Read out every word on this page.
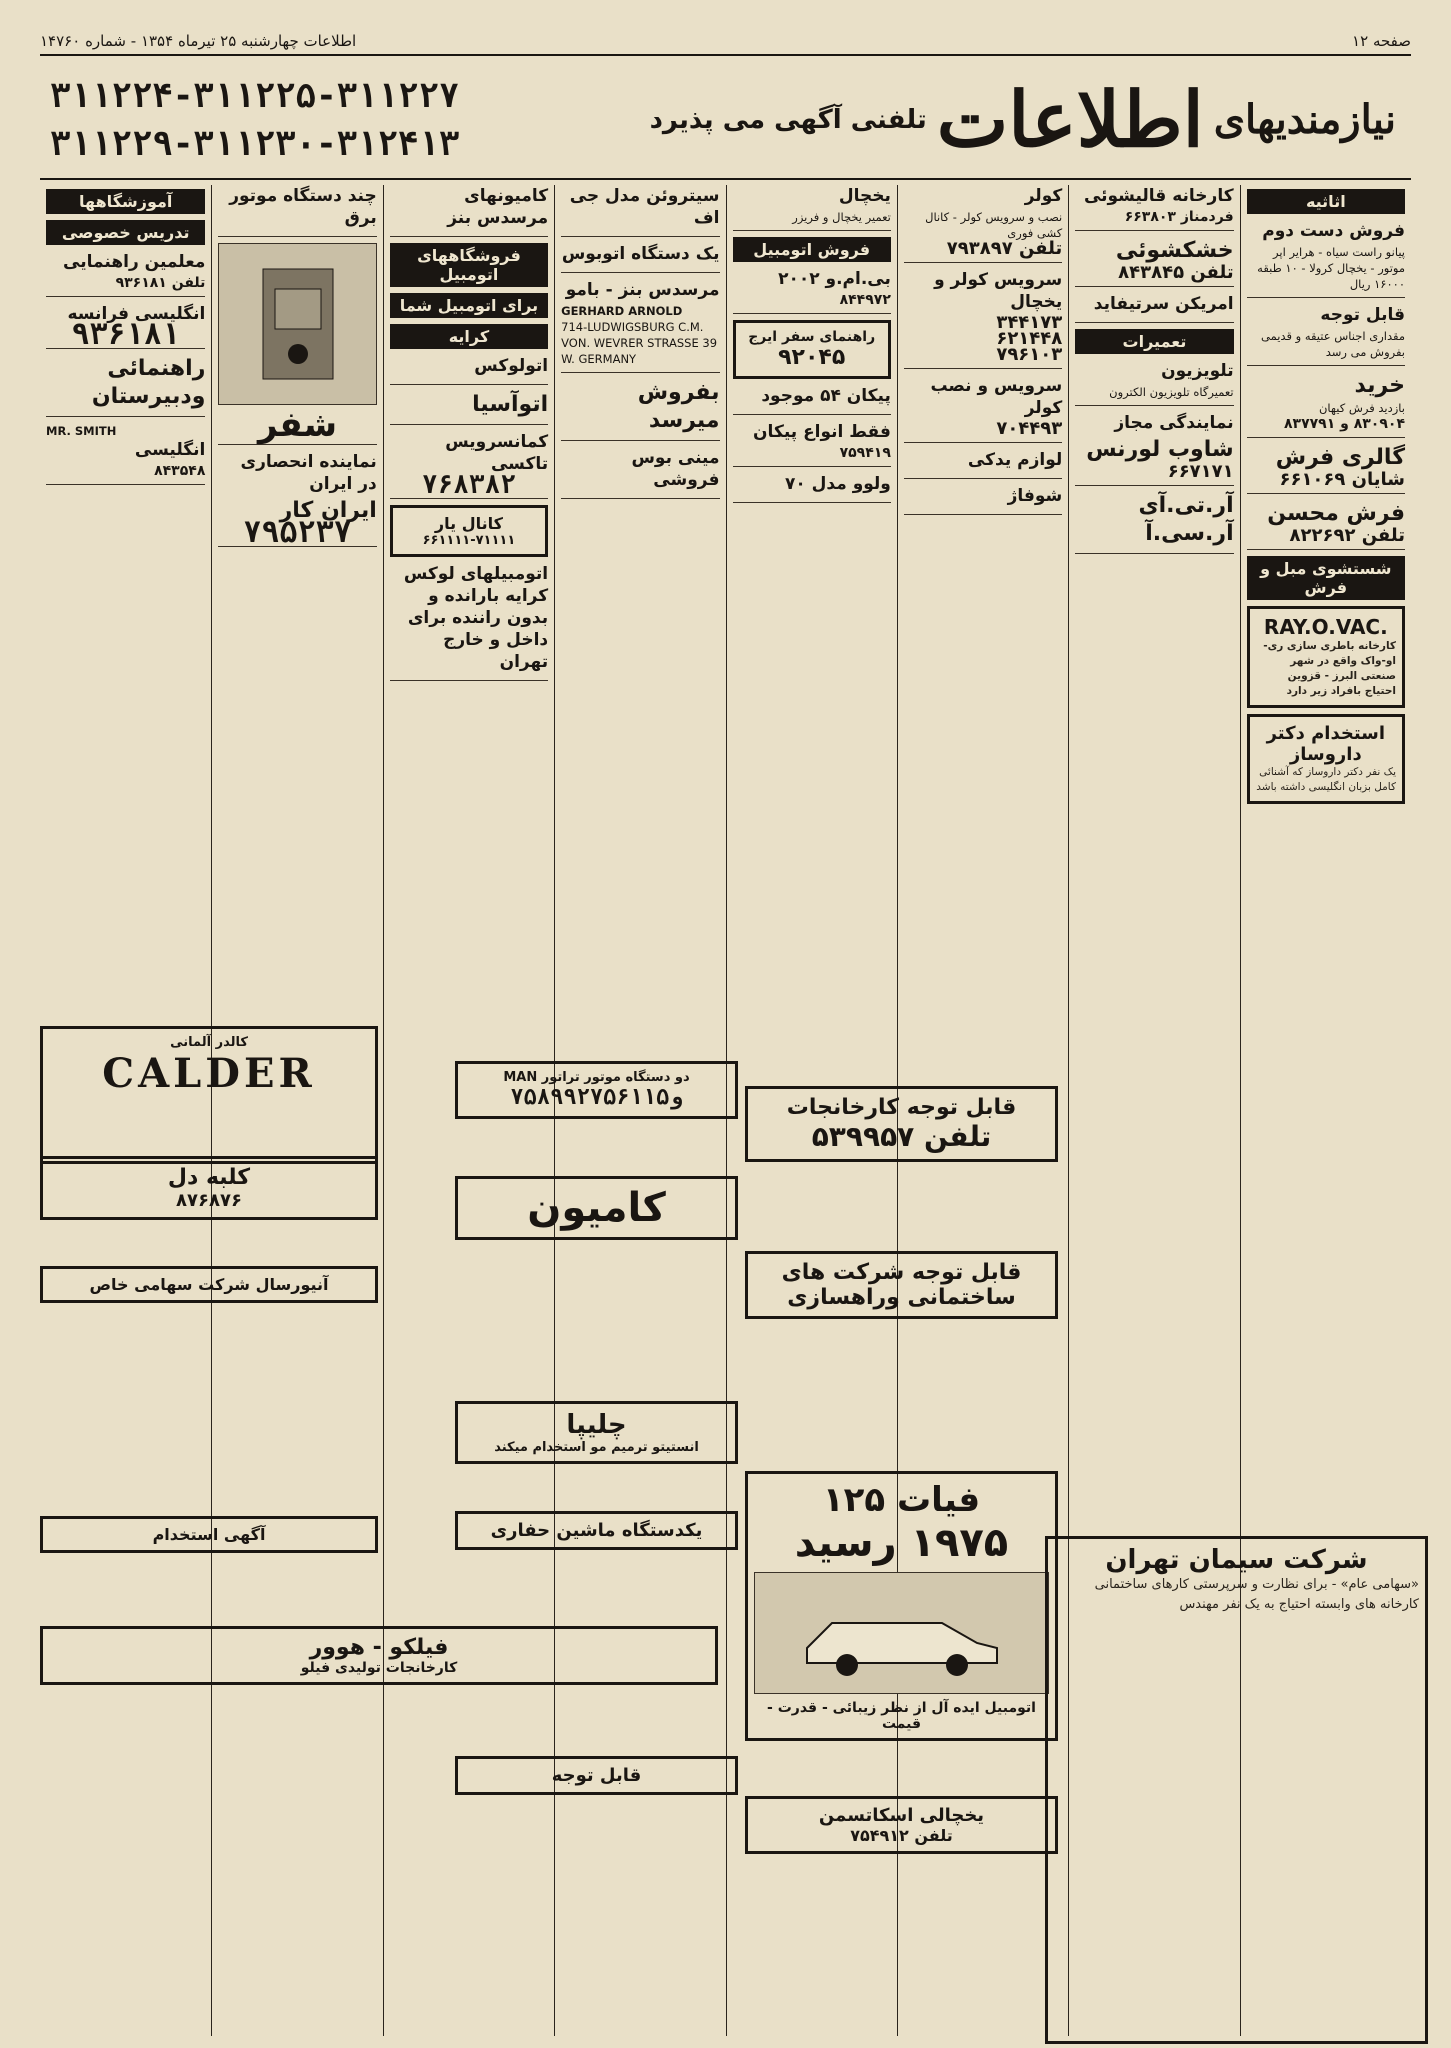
صفحه ۱۲
اطلاعات چهارشنبه ۲۵ تیرماه ۱۳۵۴ - شماره ۱۴۷۶۰
نیازمندیهای
اطلاعات
تلفنی آگهی می پذیرد
۳۱۱۲۲۴-۳۱۱۲۲۵-۳۱۱۲۲۷
۳۱۱۲۲۹-۳۱۱۲۳۰-۳۱۲۴۱۳
اثاثیه
فروش دست دوم
پیانو راست سیاه - هرایر اپر موتور - یخچال کرولا - ۱۰ طبقه ۱۶۰۰۰ ریال
قابل توجه
مقداری اجناس عتیقه و قدیمی بفروش می رسد
خرید
بازدید فرش کیهان
۸۳۰۹۰۴ و ۸۳۷۷۹۱
گالری فرش
شایان ۶۶۱۰۶۹
فرش محسن
تلفن ۸۲۲۶۹۲
شستشوی مبل و فرش
RAY.O.VAC.
کارخانه باطری سازی ری-او-واک واقع در شهر صنعتی البرز - قزوین احتیاج بافراد زیر دارد
استخدام دکتر داروساز
یک نفر دکتر داروساز که آشنائی کامل بزبان انگلیسی داشته باشد
کارخانه قالیشوئی
فردمناز ۶۶۳۸۰۳
خشکشوئی
تلفن ۸۴۳۸۴۵
امریکن سرتیفاید
تعمیرات
تلویزیون
تعمیرگاه تلویزیون الکترون
نمایندگی مجاز
شاوب لورنس
۶۶۷۱۷۱
آر.تی.آی
آر.سی.آ
کولر
نصب و سرویس کولر - کانال کشی فوری
تلفن ۷۹۳۸۹۷
سرویس کولر و یخچال
۳۴۴۱۷۳
۶۲۱۴۴۸
۷۹۶۱۰۳
سرویس و نصب کولر
۷۰۴۴۹۳
لوازم یدکی
شوفاژ
یخچال
تعمیر یخچال و فریزر
فروش اتومبیل
بی.ام.و ۲۰۰۲
۸۴۴۹۷۲
راهنمای سفر ایرج
۹۲۰۴۵
پیکان ۵۴ موجود
فقط انواع پیکان
۷۵۹۴۱۹
ولوو مدل ۷۰
سیتروئن مدل جی اف
یک دستگاه اتوبوس
مرسدس بنز - بامو
GERHARD ARNOLD
714-LUDWIGSBURG C.M. VON. WEVRER STRASSE 39 W. GERMANY
بفروش میرسد
مینی بوس فروشی
کامیونهای مرسدس بنز
فروشگاههای اتومبیل
برای اتومبیل شما
کرایه
اتولوکس
اتوآسیا
کمانسرویس تاکسی
۷۶۸۳۸۲
کانال یار
۶۶۱۱۱۱-۷۱۱۱۱
اتومبیلهای لوکس کرایه بارانده و بدون راننده برای داخل و خارج تهران
چند دستگاه موتور برق
شفر
نماینده انحصاری در ایران
ایران کار
۷۹۵۲۳۷
آموزشگاهها
تدریس خصوصی
معلمین راهنمایی
تلفن ۹۳۶۱۸۱
انگلیسی فرانسه
۹۳۶۱۸۱
راهنمائی ودبیرستان
MR. SMITH
انگلیسی
۸۴۳۵۴۸
کالدر آلمانی
CALDER
کلبه دل
۸۷۶۸۷۶
آنیورسال شرکت سهامی خاص
آگهی استخدام
فیلکو - هوور
کارخانجات تولیدی فیلو
دو دستگاه موتور تراتور MAN
۷۵۸۹۹۲و۷۵۶۱۱۵
کامیون
چلیپا
انستیتو ترمیم مو استخدام میکند
یکدستگاه ماشین حفاری
قابل توجه
قابل توجه کارخانجات
تلفن ۵۳۹۹۵۷
قابل توجه شرکت های ساختمانی وراهسازی
فیات ۱۲۵
۱۹۷۵ رسید
اتومبیل ایده آل از نظر زیبائی - قدرت - قیمت
یخچالی اسکاتسمن
تلفن ۷۵۴۹۱۲
شرکت سیمان تهران
«سهامی عام» - برای نظارت و سرپرستی کارهای ساختمانی کارخانه های وابسته احتیاج به یک نفر مهندس
